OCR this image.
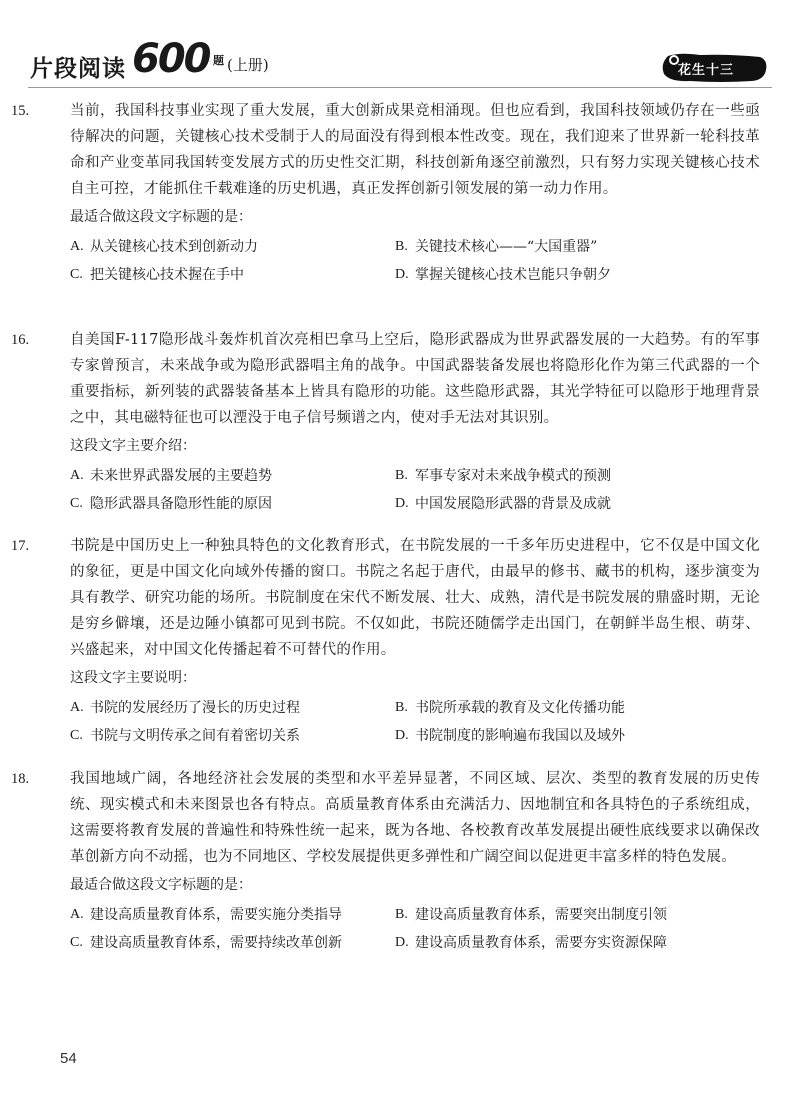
片段阅读 600 题 (上册)	花生十三
15.	当前，我国科技事业实现了重大发展，重大创新成果竞相涌现。但也应看到，我国科技领域仍存在一些亟待解决的问题，关键核心技术受制于人的局面没有得到根本性改变。现在，我们迎来了世界新一轮科技革命和产业变革同我国转变发展方式的历史性交汇期，科技创新角逐空前激烈，只有努力实现关键核心技术自主可控，才能抓住千载难逢的历史机遇，真正发挥创新引领发展的第一动力作用。
最适合做这段文字标题的是：
A. 从关键核心技术到创新动力	B. 关键技术核心——“大国重器”
C. 把关键核心技术握在手中	D. 掌握关键核心技术岂能只争朝夕
16.	自美国F-117隐形战斗轰炸机首次亮相巴拿马上空后，隐形武器成为世界武器发展的一大趋势。有的军事专家曾预言，未来战争或为隐形武器唱主角的战争。中国武器装备发展也将隐形化作为第三代武器的一个重要指标，新列装的武器装备基本上皆具有隐形的功能。这些隐形武器，其光学特征可以隐形于地理背景之中，其电磁特征也可以湮没于电子信号频谱之内，使对手无法对其识别。
这段文字主要介绍：
A. 未来世界武器发展的主要趋势	B. 军事专家对未来战争模式的预测
C. 隐形武器具备隐形性能的原因	D. 中国发展隐形武器的背景及成就
17.	书院是中国历史上一种独具特色的文化教育形式，在书院发展的一千多年历史进程中，它不仅是中国文化的象征，更是中国文化向域外传播的窗口。书院之名起于唐代，由最早的修书、藏书的机构，逐步演变为具有教学、研究功能的场所。书院制度在宋代不断发展、壮大、成熟，清代是书院发展的鼎盛时期，无论是穷乡僻壤，还是边陲小镇都可见到书院。不仅如此，书院还随儒学走出国门，在朝鲜半岛生根、萌芽、兴盛起来，对中国文化传播起着不可替代的作用。
这段文字主要说明：
A. 书院的发展经历了漫长的历史过程	B. 书院所承载的教育及文化传播功能
C. 书院与文明传承之间有着密切关系	D. 书院制度的影响遍布我国以及域外
18.	我国地域广阔，各地经济社会发展的类型和水平差异显著，不同区域、层次、类型的教育发展的历史传统、现实模式和未来图景也各有特点。高质量教育体系由充满活力、因地制宜和各具特色的子系统组成，这需要将教育发展的普遍性和特殊性统一起来，既为各地、各校教育改革发展提出硬性底线要求以确保改革创新方向不动摇，也为不同地区、学校发展提供更多弹性和广阔空间以促进更丰富多样的特色发展。
最适合做这段文字标题的是：
A. 建设高质量教育体系，需要实施分类指导	B. 建设高质量教育体系，需要突出制度引领
C. 建设高质量教育体系，需要持续改革创新	D. 建设高质量教育体系，需要夯实资源保障
54
